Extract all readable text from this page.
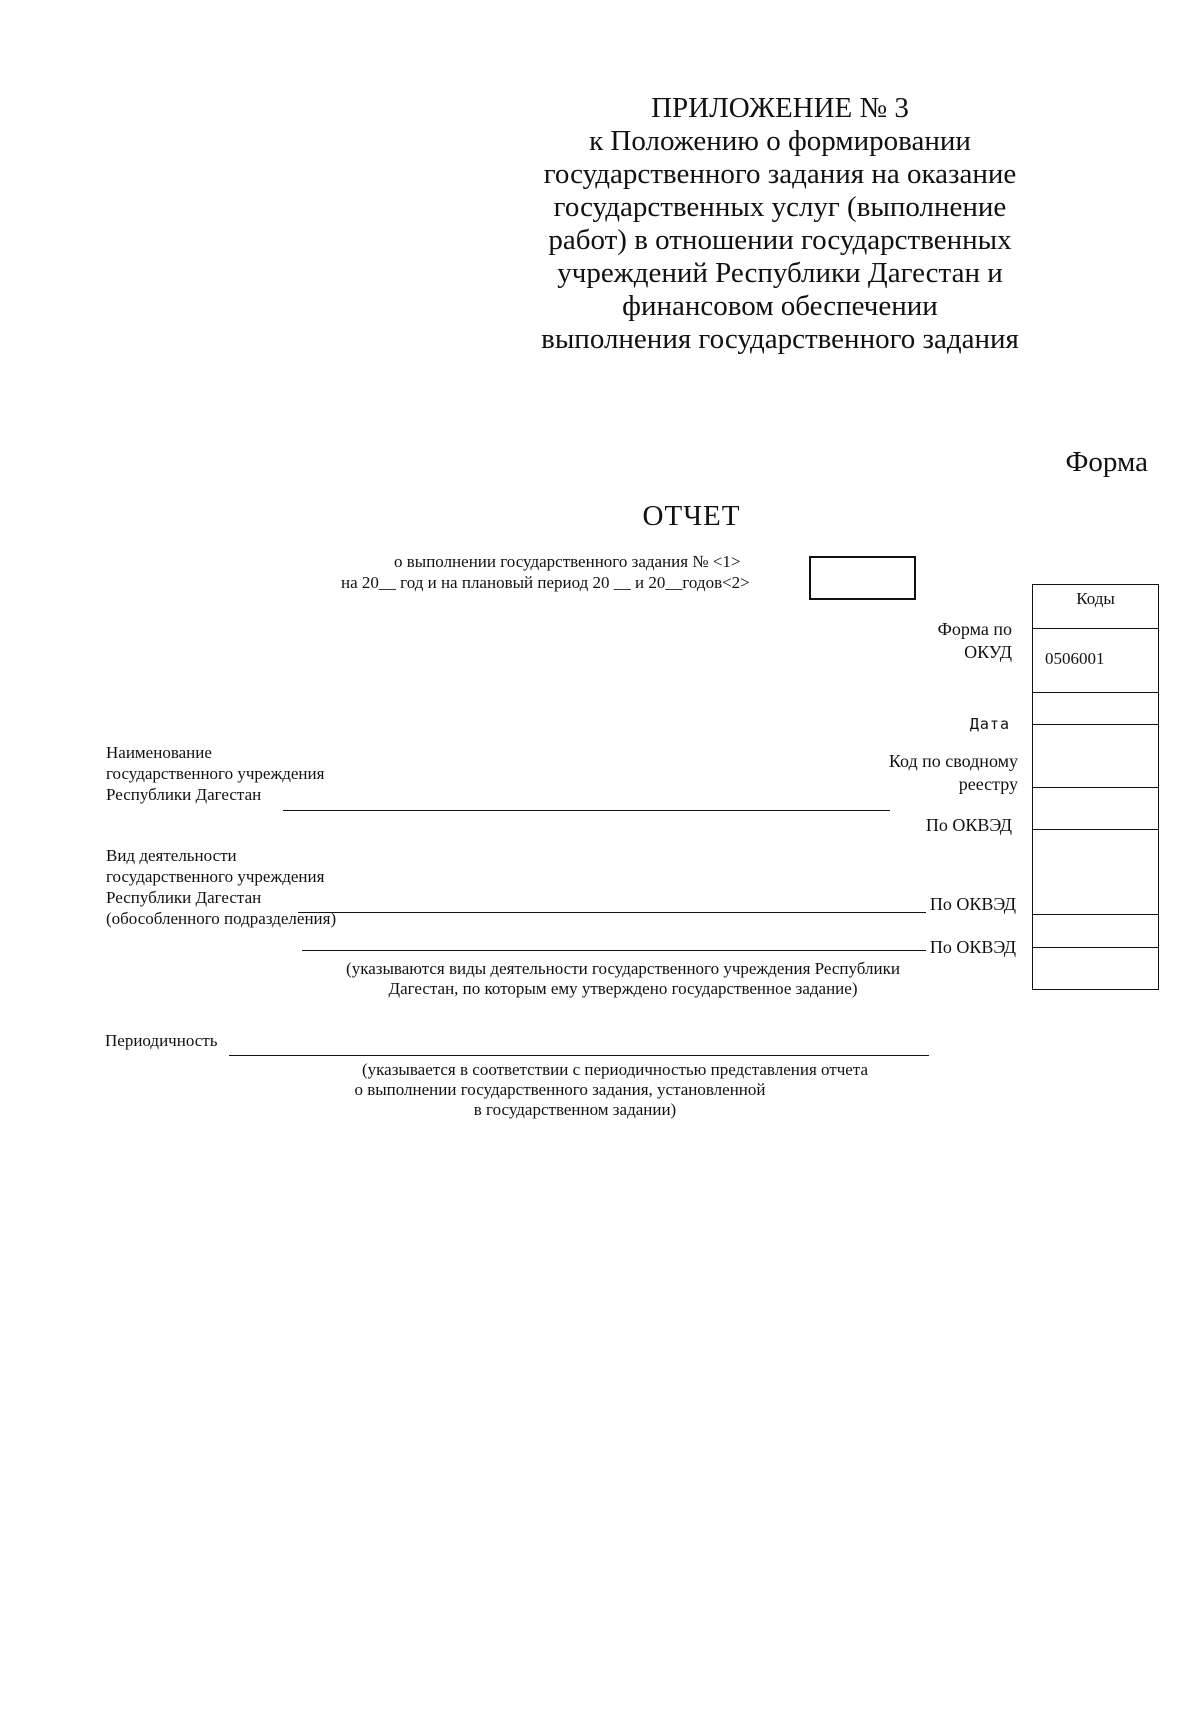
ПРИЛОЖЕНИЕ № 3
к Положению о формировании
государственного задания на оказание
государственных услуг (выполнение
работ) в отношении государственных
учреждений Республики Дагестан и
финансовом обеспечении
выполнения государственного задания
Форма
ОТЧЕТ
о выполнении государственного задания № <1>
на 20__ год и на плановый период 20 __ и 20__годов<2>
Коды
0506001
Форма по
ОКУД
Дата
Код по сводному
реестру
По ОКВЭД
По ОКВЭД
По ОКВЭД
Наименование
государственного учреждения
Республики Дагестан
Вид деятельности
государственного учреждения
Республики Дагестан
(обособленного подразделения)
(указываются виды деятельности государственного учреждения Республики
Дагестан, по которым ему утверждено государственное задание)
Периодичность
(указывается в соответствии с периодичностью представления отчета
о выполнении государственного задания, установленной
в государственном задании)
